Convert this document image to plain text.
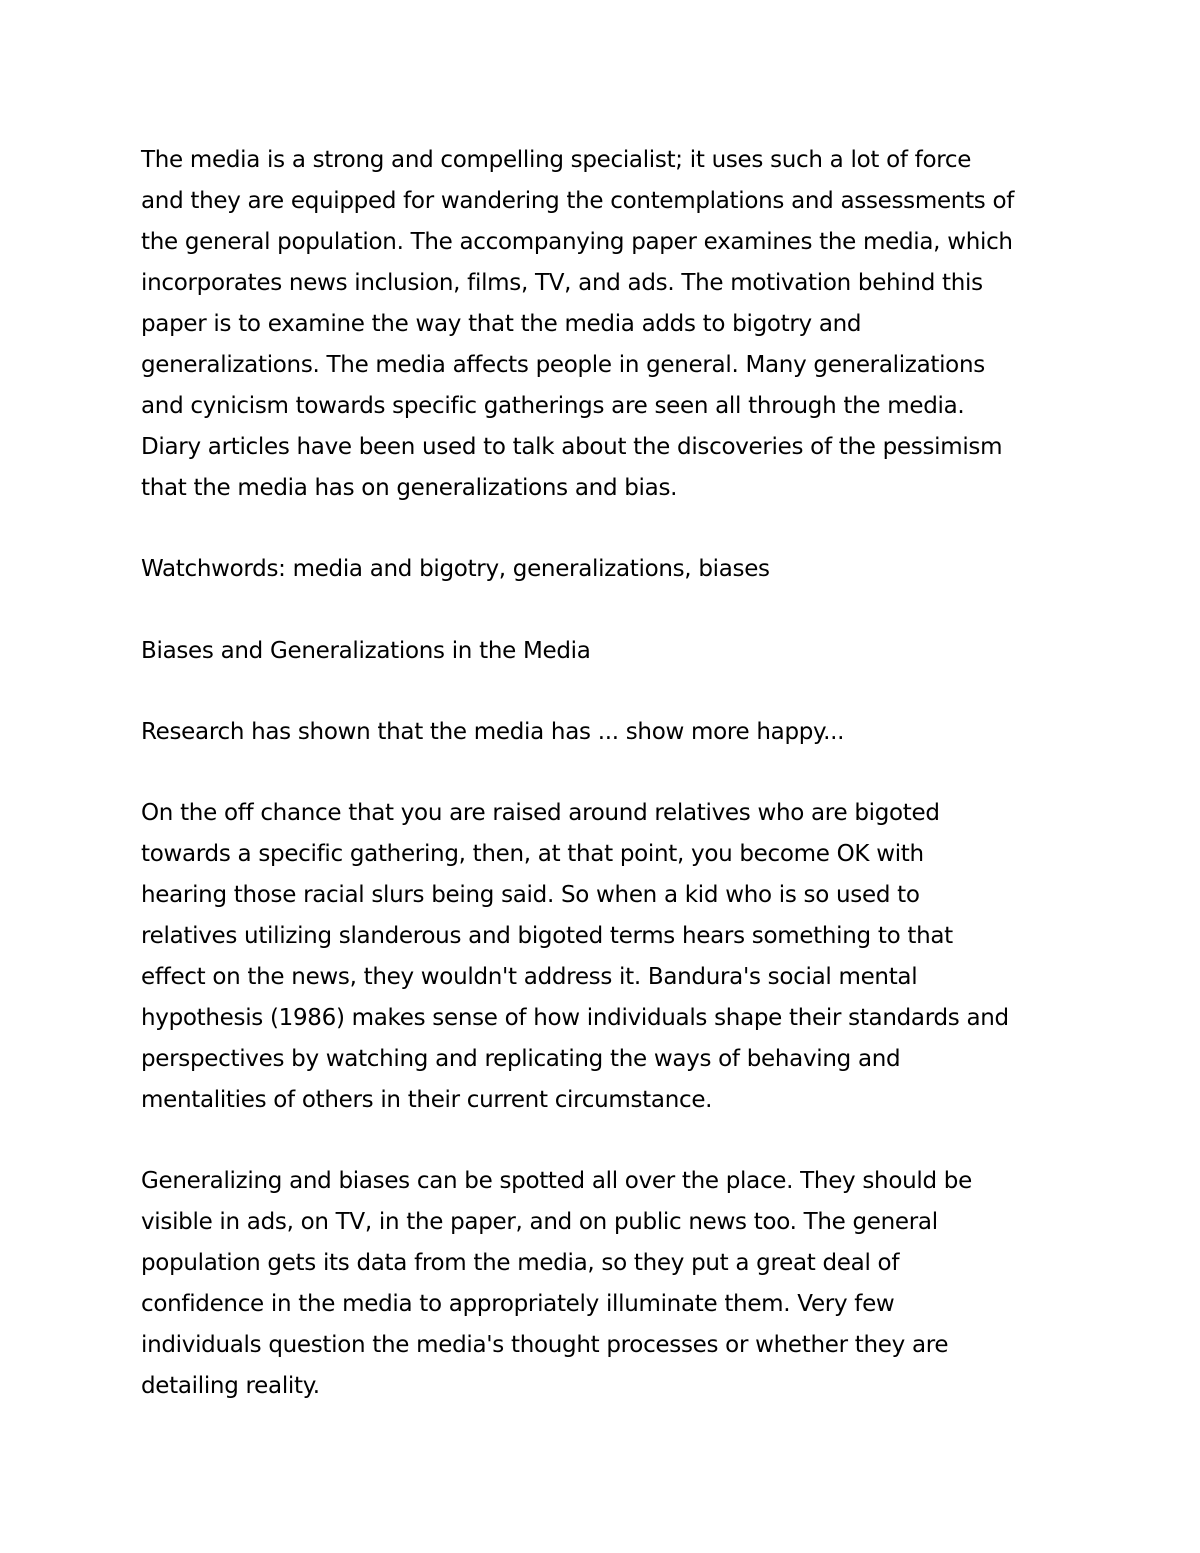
The media is a strong and compelling specialist; it uses such a lot of force
and they are equipped for wandering the contemplations and assessments of
the general population. The accompanying paper examines the media, which
incorporates news inclusion, films, TV, and ads. The motivation behind this
paper is to examine the way that the media adds to bigotry and
generalizations. The media affects people in general. Many generalizations
and cynicism towards specific gatherings are seen all through the media.
Diary articles have been used to talk about the discoveries of the pessimism
that the media has on generalizations and bias.
Watchwords: media and bigotry, generalizations, biases
Biases and Generalizations in the Media
Research has shown that the media has ... show more happy...
On the off chance that you are raised around relatives who are bigoted
towards a specific gathering, then, at that point, you become OK with
hearing those racial slurs being said. So when a kid who is so used to
relatives utilizing slanderous and bigoted terms hears something to that
effect on the news, they wouldn't address it. Bandura's social mental
hypothesis (1986) makes sense of how individuals shape their standards and
perspectives by watching and replicating the ways of behaving and
mentalities of others in their current circumstance.
Generalizing and biases can be spotted all over the place. They should be
visible in ads, on TV, in the paper, and on public news too. The general
population gets its data from the media, so they put a great deal of
confidence in the media to appropriately illuminate them. Very few
individuals question the media's thought processes or whether they are
detailing reality.
